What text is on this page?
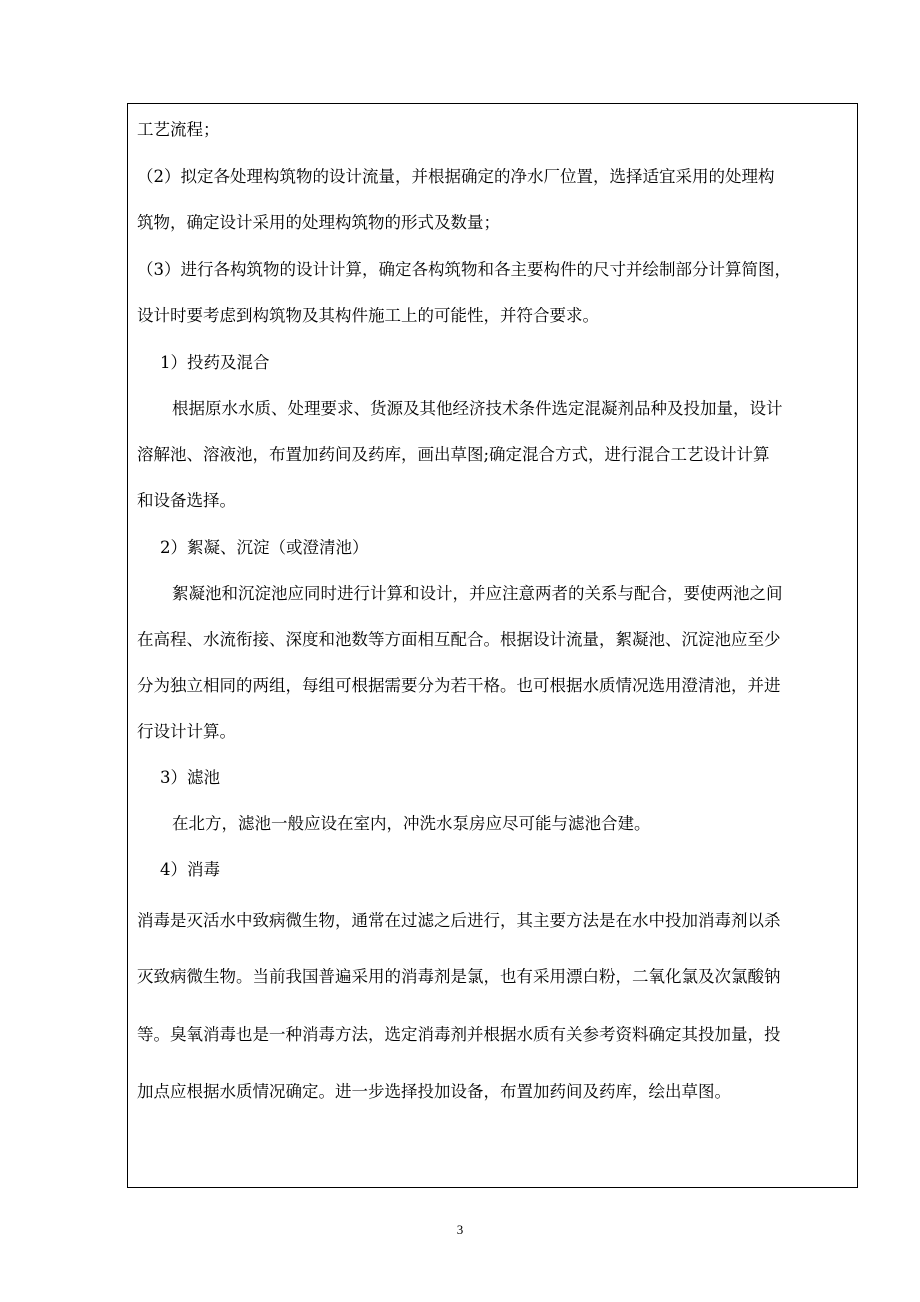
工艺流程；
（2）拟定各处理构筑物的设计流量，并根据确定的净水厂位置，选择适宜采用的处理构
筑物，确定设计采用的处理构筑物的形式及数量；
（3）进行各构筑物的设计计算，确定各构筑物和各主要构件的尺寸并绘制部分计算简图，
设计时要考虑到构筑物及其构件施工上的可能性，并符合要求。
1）投药及混合
根据原水水质、处理要求、货源及其他经济技术条件选定混凝剂品种及投加量，设计
溶解池、溶液池，布置加药间及药库，画出草图;确定混合方式，进行混合工艺设计计算
和设备选择。
2）絮凝、沉淀（或澄清池）
絮凝池和沉淀池应同时进行计算和设计，并应注意两者的关系与配合，要使两池之间
在高程、水流衔接、深度和池数等方面相互配合。根据设计流量，絮凝池、沉淀池应至少
分为独立相同的两组，每组可根据需要分为若干格。也可根据水质情况选用澄清池，并进
行设计计算。
3）滤池
在北方，滤池一般应设在室内，冲洗水泵房应尽可能与滤池合建。
4）消毒
消毒是灭活水中致病微生物，通常在过滤之后进行，其主要方法是在水中投加消毒剂以杀
灭致病微生物。当前我国普遍采用的消毒剂是氯，也有采用漂白粉，二氧化氯及次氯酸钠
等。臭氧消毒也是一种消毒方法，选定消毒剂并根据水质有关参考资料确定其投加量，投
加点应根据水质情况确定。进一步选择投加设备，布置加药间及药库，绘出草图。
3
